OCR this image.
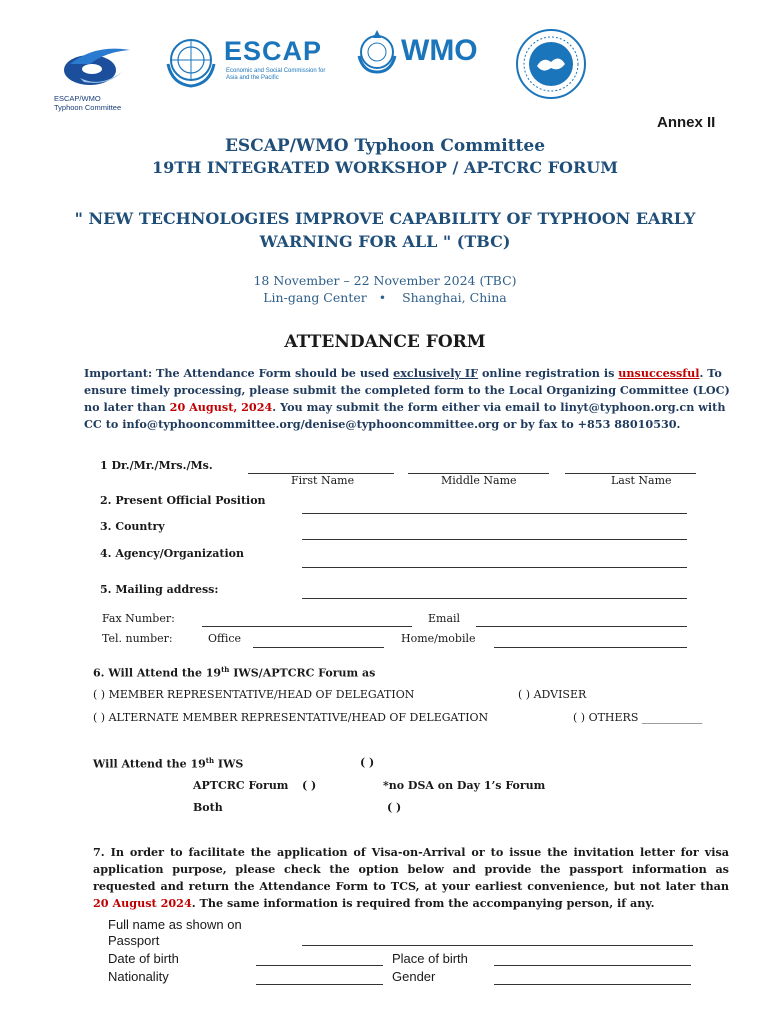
ESCAP/WMO
Typhoon Committee
ESCAP
Economic and Social Commission for Asia and the Pacific
WMO
Annex II
ESCAP/WMO Typhoon Committee
19TH INTEGRATED WORKSHOP / AP-TCRC FORUM
" NEW TECHNOLOGIES IMPROVE CAPABILITY OF TYPHOON EARLY
WARNING FOR ALL " (TBC)
18 November – 22 November 2024 (TBC)
Lin-gang Center • Shanghai, China
ATTENDANCE FORM
Important: The Attendance Form should be used exclusively IF online registration is unsuccessful. To ensure timely processing, please submit the completed form to the Local Organizing Committee (LOC) no later than 20 August, 2024. You may submit the form either via email to linyt@typhoon.org.cn with CC to info@typhooncommittee.org/denise@typhooncommittee.org or by fax to +853 88010530.
1 Dr./Mr./Mrs./Ms.
First Name	Middle Name	Last Name
2. Present Official Position
3. Country
4. Agency/Organization
5. Mailing address:
Fax Number:	Email
Tel. number:	Office	Home/mobile
6. Will Attend the 19th IWS/APTCRC Forum as
( ) MEMBER REPRESENTATIVE/HEAD OF DELEGATION	( ) ADVISER
( ) ALTERNATE MEMBER REPRESENTATIVE/HEAD OF DELEGATION	( ) OTHERS ___________
Will Attend the 19th IWS	( )
APTCRC Forum ( )	*no DSA on Day 1’s Forum
Both	( )
7. In order to facilitate the application of Visa-on-Arrival or to issue the invitation letter for visa application purpose, please check the option below and provide the passport information as requested and return the Attendance Form to TCS, at your earliest convenience, but not later than 20 August 2024. The same information is required from the accompanying person, if any.
Full name as shown on Passport
Date of birth	Place of birth
Nationality	Gender
